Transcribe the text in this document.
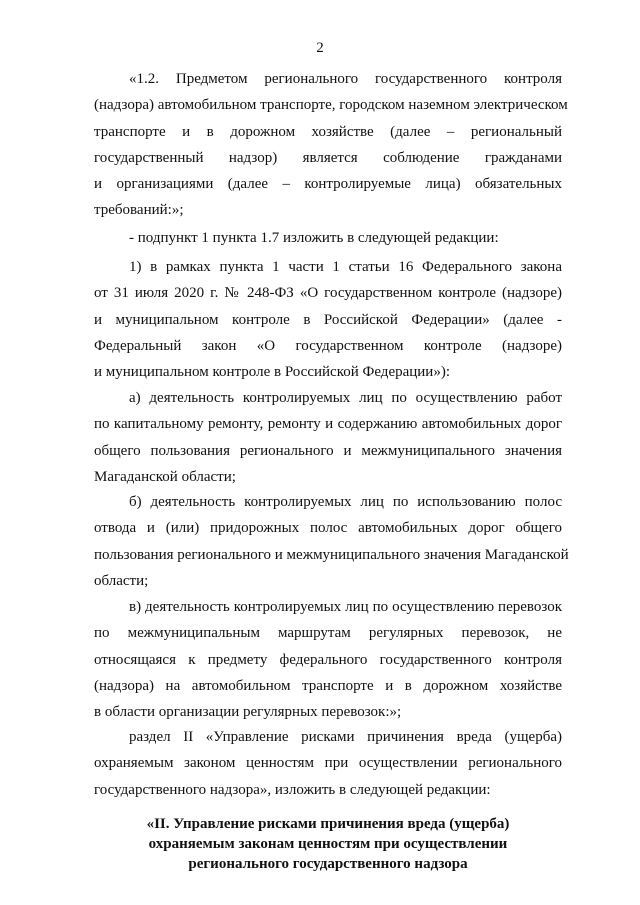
2

«1.2. Предметом регионального государственного контроля
(надзора) автомобильном транспорте, городском наземном электрическом
транспорте и в дорожном хозяйстве (далее – региональный
государственный надзор) является соблюдение гражданами
и организациями (далее – контролируемые лица) обязательных
требований:»;

- подпункт 1 пункта 1.7 изложить в следующей редакции:

1) в рамках пункта 1 части 1 статьи 16 Федерального закона
от 31 июля 2020 г. № 248-ФЗ «О государственном контроле (надзоре)
и муниципальном контроле в Российской Федерации» (далее -
Федеральный закон «О государственном контроле (надзоре)
и муниципальном контроле в Российской Федерации»):

а) деятельность контролируемых лиц по осуществлению работ
по капитальному ремонту, ремонту и содержанию автомобильных дорог
общего пользования регионального и межмуниципального значения
Магаданской области;

б) деятельность контролируемых лиц по использованию полос
отвода и (или) придорожных полос автомобильных дорог общего
пользования регионального и межмуниципального значения Магаданской
области;

в) деятельность контролируемых лиц по осуществлению перевозок
по межмуниципальным маршрутам регулярных перевозок, не
относящаяся к предмету федерального государственного контроля
(надзора) на автомобильном транспорте и в дорожном хозяйстве
в области организации регулярных перевозок:»;

раздел II «Управление рисками причинения вреда (ущерба)
охраняемым законом ценностям при осуществлении регионального
государственного надзора», изложить в следующей редакции:

«II. Управление рисками причинения вреда (ущерба)
охраняемым законам ценностям при осуществлении
регионального государственного надзора
